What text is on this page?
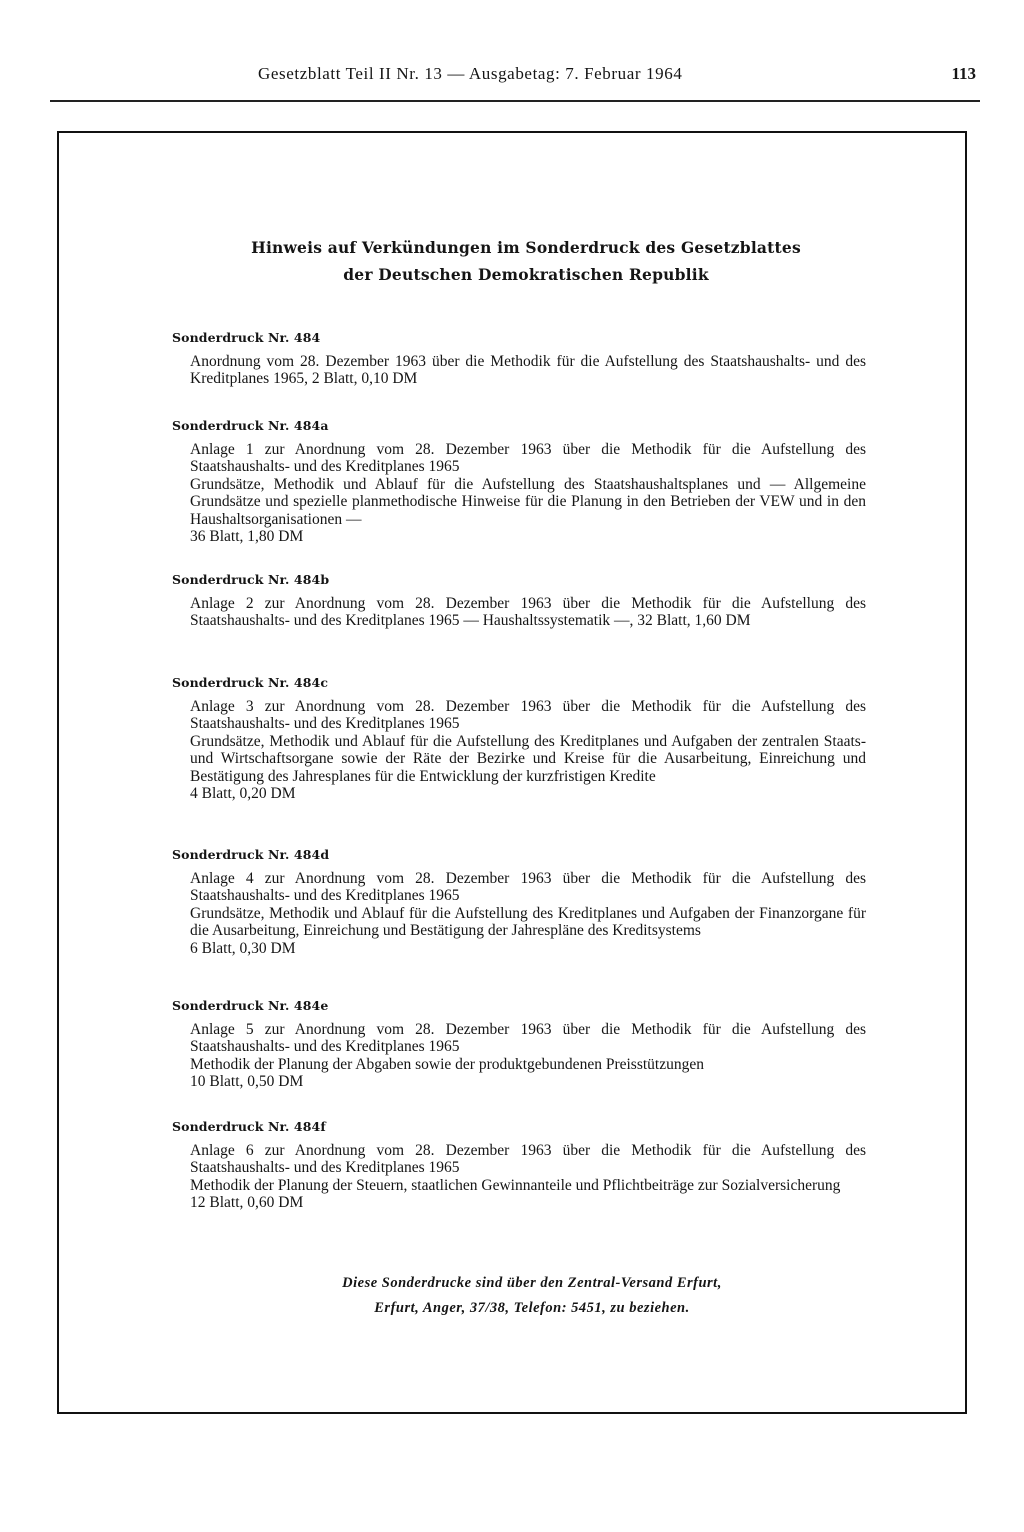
Gesetzblatt Teil II Nr. 13 — Ausgabetag: 7. Februar 1964	113
Hinweis auf Verkündungen im Sonderdruck des Gesetzblattes
der Deutschen Demokratischen Republik
Sonderdruck Nr. 484

Anordnung vom 28. Dezember 1963 über die Methodik für die Aufstellung des Staatshaushalts- und des Kreditplanes 1965, 2 Blatt, 0,10 DM

Sonderdruck Nr. 484a

Anlage 1 zur Anordnung vom 28. Dezember 1963 über die Methodik für die Aufstellung des Staatshaushalts- und des Kreditplanes 1965

Grundsätze, Methodik und Ablauf für die Aufstellung des Staatshaushaltsplanes und — Allgemeine Grundsätze und spezielle planmethodische Hinweise für die Planung in den Betrieben der VEW und in den Haushaltsorganisationen —

36 Blatt, 1,80 DM

Sonderdruck Nr. 484b

Anlage 2 zur Anordnung vom 28. Dezember 1963 über die Methodik für die Aufstellung des Staatshaushalts- und des Kreditplanes 1965 — Haushaltssystematik —, 32 Blatt, 1,60 DM

Sonderdruck Nr. 484c

Anlage 3 zur Anordnung vom 28. Dezember 1963 über die Methodik für die Aufstellung des Staatshaushalts- und des Kreditplanes 1965

Grundsätze, Methodik und Ablauf für die Aufstellung des Kreditplanes und Aufgaben der zentralen Staats- und Wirtschaftsorgane sowie der Räte der Bezirke und Kreise für die Ausarbeitung, Einreichung und Bestätigung des Jahresplanes für die Entwicklung der kurzfristigen Kredite

4 Blatt, 0,20 DM

Sonderdruck Nr. 484d

Anlage 4 zur Anordnung vom 28. Dezember 1963 über die Methodik für die Aufstellung des Staatshaushalts- und des Kreditplanes 1965

Grundsätze, Methodik und Ablauf für die Aufstellung des Kreditplanes und Aufgaben der Finanzorgane für die Ausarbeitung, Einreichung und Bestätigung der Jahrespläne des Kreditsystems

6 Blatt, 0,30 DM

Sonderdruck Nr. 484e

Anlage 5 zur Anordnung vom 28. Dezember 1963 über die Methodik für die Aufstellung des Staatshaushalts- und des Kreditplanes 1965

Methodik der Planung der Abgaben sowie der produktgebundenen Preisstützungen

10 Blatt, 0,50 DM

Sonderdruck Nr. 484f

Anlage 6 zur Anordnung vom 28. Dezember 1963 über die Methodik für die Aufstellung des Staatshaushalts- und des Kreditplanes 1965

Methodik der Planung der Steuern, staatlichen Gewinnanteile und Pflichtbeiträge zur Sozialversicherung

12 Blatt, 0,60 DM

Diese Sonderdrucke sind über den Zentral-Versand Erfurt,
Erfurt, Anger, 37/38, Telefon: 5451, zu beziehen.
